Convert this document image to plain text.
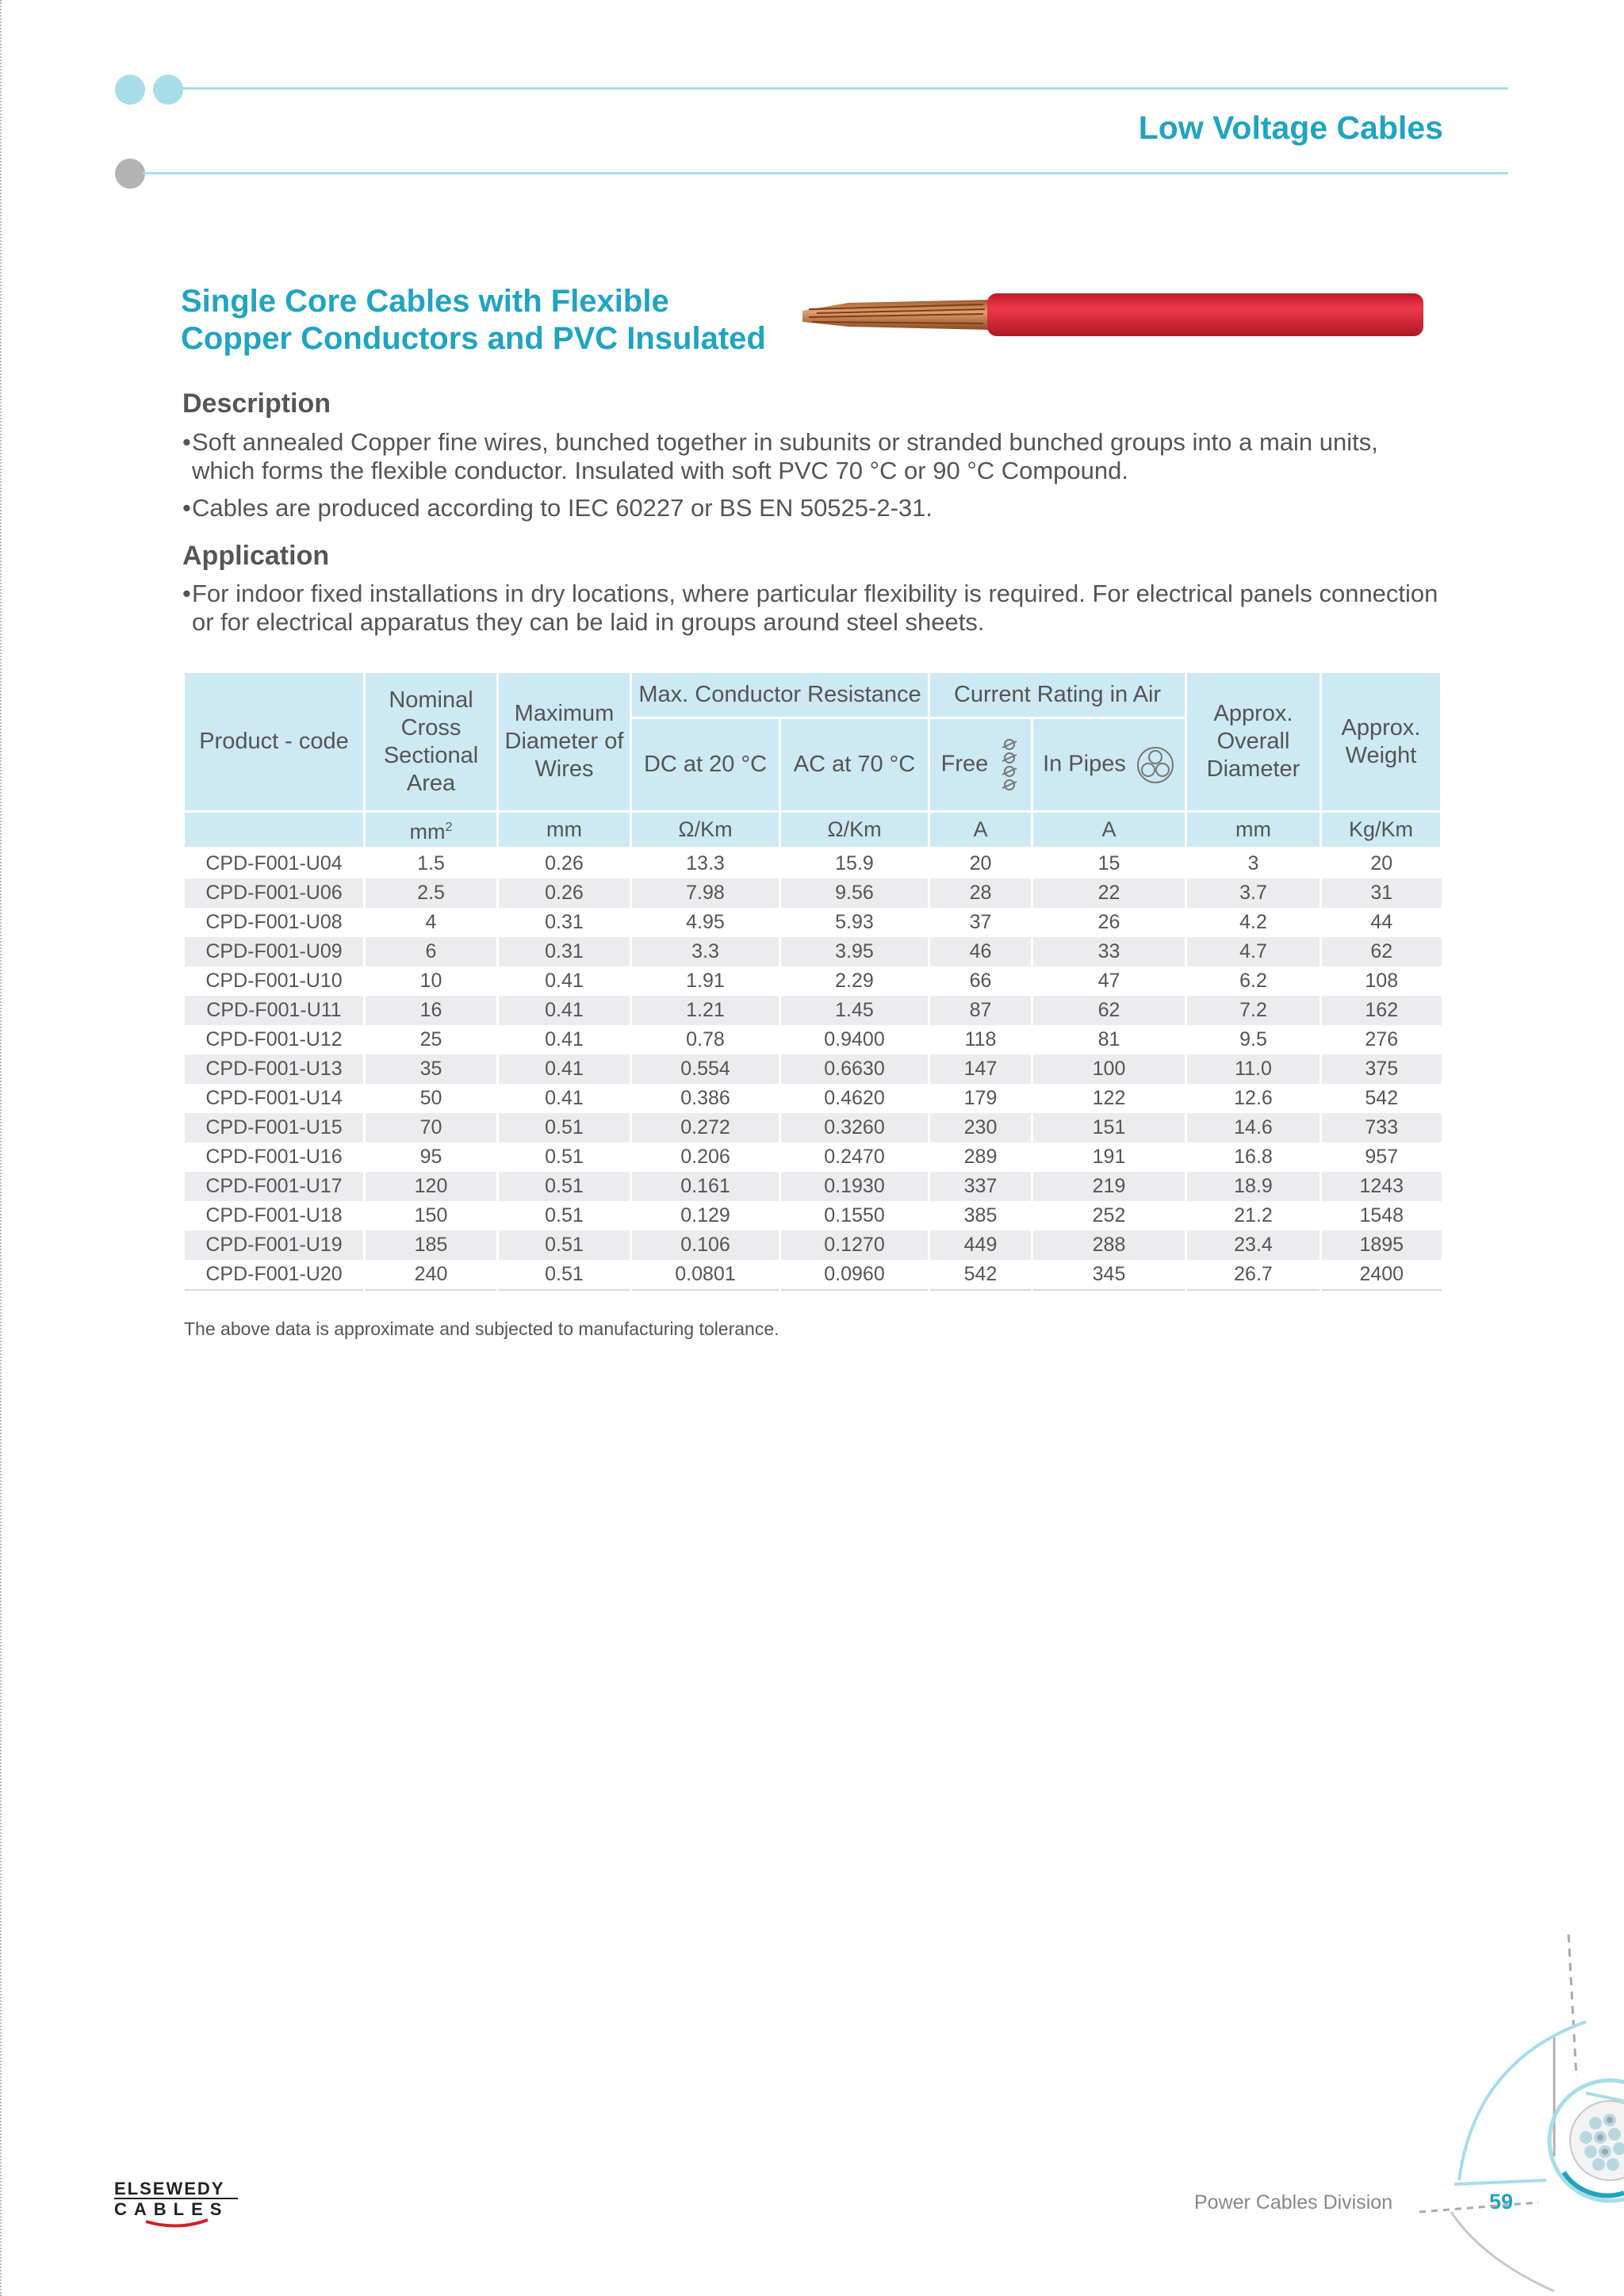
Low Voltage Cables
Single Core Cables with Flexible
Copper Conductors and PVC Insulated
Description
•Soft annealed Copper fine wires, bunched together in subunits or stranded bunched groups into a main units, which forms the flexible conductor. Insulated with soft PVC 70 °C or 90 °C Compound.
•Cables are produced according to IEC 60227 or BS EN 50525-2-31.
Application
•For indoor fixed installations in dry locations, where particular flexibility is required. For electrical panels connection or for electrical apparatus they can be laid in groups around steel sheets.
Product - code	Nominal Cross Sectional Area	Maximum Diameter of Wires	Max. Conductor Resistance		Current Rating in Air		Approx. Overall Diameter	Approx. Weight
			DC at 20 °C	AC at 70 °C	Free	In Pipes		
	$mm^2$	mm	Ω/Km	Ω/Km	A	A	mm	Kg/Km
CPD-F001-U04	1.5	0.26	13.3	15.9	20	15	3	20
CPD-F001-U06	2.5	0.26	7.98	9.56	28	22	3.7	31
CPD-F001-U08	4	0.31	4.95	5.93	37	26	4.2	44
CPD-F001-U09	6	0.31	3.3	3.95	46	33	4.7	62
CPD-F001-U10	10	0.41	1.91	2.29	66	47	6.2	108
CPD-F001-U11	16	0.41	1.21	1.45	87	62	7.2	162
CPD-F001-U12	25	0.41	0.78	0.9400	118	81	9.5	276
CPD-F001-U13	35	0.41	0.554	0.6630	147	100	11.0	375
CPD-F001-U14	50	0.41	0.386	0.4620	179	122	12.6	542
CPD-F001-U15	70	0.51	0.272	0.3260	230	151	14.6	733
CPD-F001-U16	95	0.51	0.206	0.2470	289	191	16.8	957
CPD-F001-U17	120	0.51	0.161	0.1930	337	219	18.9	1243
CPD-F001-U18	150	0.51	0.129	0.1550	385	252	21.2	1548
CPD-F001-U19	185	0.51	0.106	0.1270	449	288	23.4	1895
CPD-F001-U20	240	0.51	0.0801	0.0960	542	345	26.7	2400
The above data is approximate and subjected to manufacturing tolerance.
ELSEWEDY
CABLES	Power Cables Division	59
